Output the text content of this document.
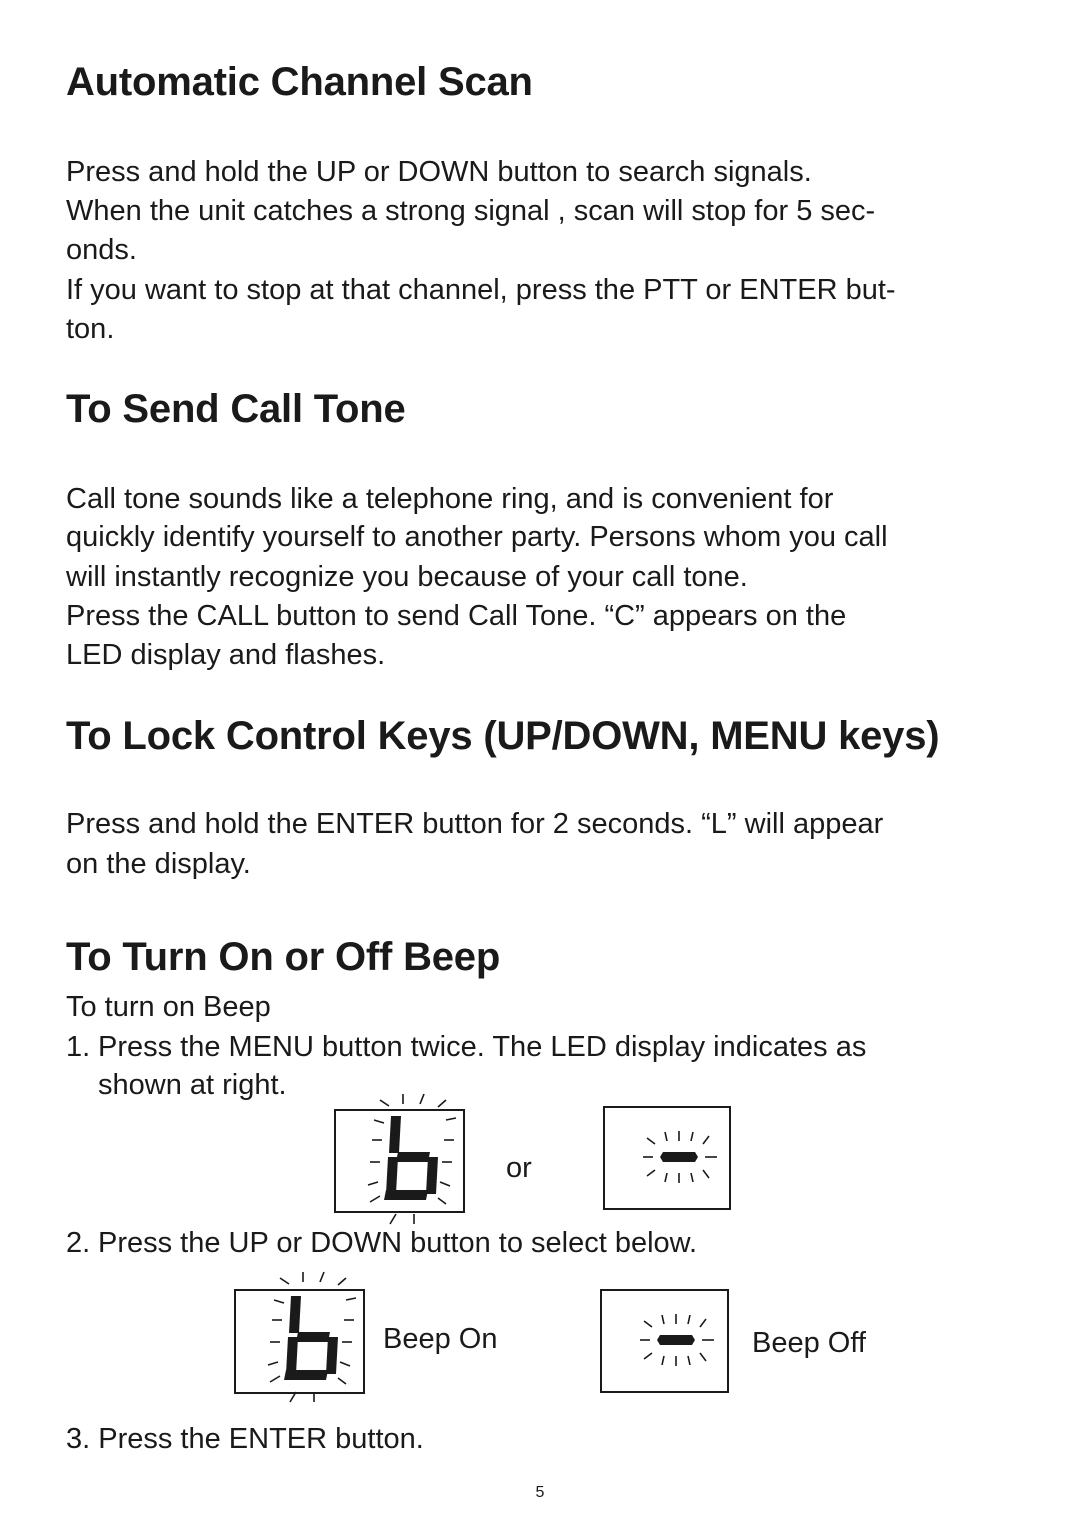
Automatic Channel Scan
Press and hold the UP or DOWN button to search signals.
When the unit catches a strong signal , scan will stop for 5 sec-
onds.
If you want to stop at that channel, press the PTT or ENTER but-
ton.
To Send Call Tone
Call tone sounds like a telephone ring, and is convenient for
quickly identify yourself to another party. Persons whom you call
will instantly recognize you because of your call tone.
Press the CALL button to send Call Tone. “C” appears on the
LED display and flashes.
To Lock Control Keys (UP/DOWN, MENU keys)
Press and hold the ENTER button for 2 seconds. “L” will appear
on the display.
To Turn On or Off Beep
To turn on Beep
1. Press the MENU button twice. The LED display indicates as
shown at right.
or
2. Press the UP or DOWN button to select below.
Beep On	Beep Off
3. Press the ENTER button.
5
